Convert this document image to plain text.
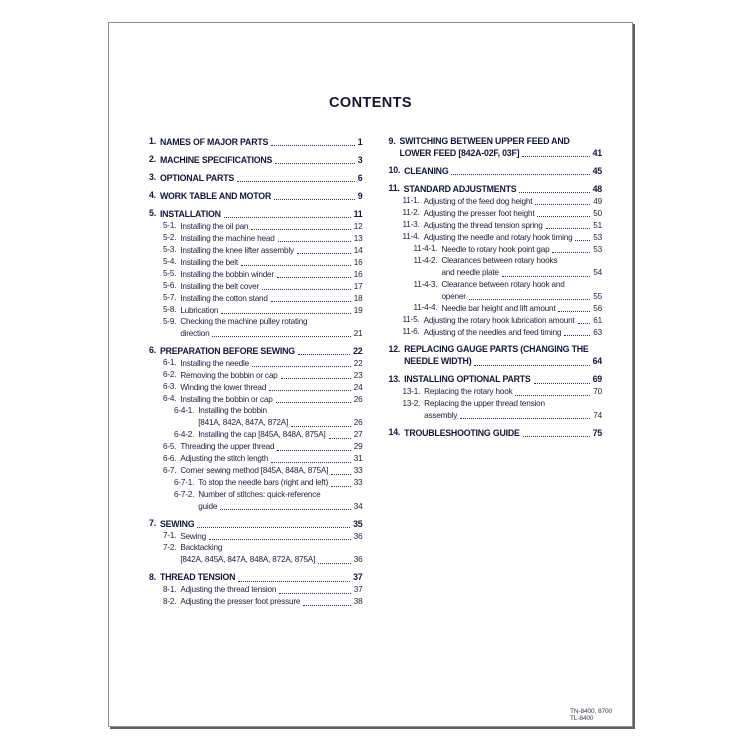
CONTENTS
1. NAMES OF MAJOR PARTS	1
2. MACHINE SPECIFICATIONS	3
3. OPTIONAL PARTS	6
4. WORK TABLE AND MOTOR	9
5. INSTALLATION	11
5-1. Installing the oil pan	12
5-2. Installing the machine head	13
5-3. Installing the knee lifter assembly	14
5-4. Installing the belt	16
5-5. Installing the bobbin winder	16
5-6. Installing the belt cover	17
5-7. Installing the cotton stand	18
5-8. Lubrication	19
5-9. Checking the machine pulley rotating
direction	21
6. PREPARATION BEFORE SEWING	22
6-1. Installing the needle	22
6-2. Removing the bobbin or cap	23
6-3. Winding the lower thread	24
6-4. Installing the bobbin or cap	26
6-4-1. Installing the bobbin
[841A, 842A, 847A, 872A]	26
6-4-2. Installing the cap [845A, 848A, 875A]	27
6-5. Threading the upper thread	29
6-6. Adjusting the stitch length	31
6-7. Corner sewing method [845A, 848A, 875A]	33
6-7-1. To stop the needle bars (right and left)	33
6-7-2. Number of stitches: quick-reference
guide	34
7. SEWING	35
7-1. Sewing	36
7-2. Backtacking
[842A, 845A, 847A, 848A, 872A, 875A]	36
8. THREAD TENSION	37
8-1. Adjusting the thread tension	37
8-2. Adjusting the presser foot pressure	38
9. SWITCHING BETWEEN UPPER FEED AND
LOWER FEED [842A-02F, 03F]	41
10. CLEANING	45
11. STANDARD ADJUSTMENTS	48
11-1. Adjusting of the feed dog height	49
11-2. Adjusting the presser foot height	50
11-3. Adjusting the thread tension spring	51
11-4. Adjusting the needle and rotary hook timing	53
11-4-1. Needle to rotary hook point gap	53
11-4-2. Clearances between rotary hooks
and needle plate	54
11-4-3. Clearance between rotary hook and
opener	55
11-4-4. Needle bar height and lift amount	56
11-5. Adjusting the rotary hook lubrication amount 61
11-6. Adjusting of the needles and feed timing	63
12. REPLACING GAUGE PARTS (CHANGING THE
NEEDLE WIDTH)	64
13. INSTALLING OPTIONAL PARTS	69
13-1. Replacing the rotary hook	70
13-2. Replacing the upper thread tension
assembly	74
14. TROUBLESHOOTING GUIDE	75
TN-8400, 8700
TL-8400
